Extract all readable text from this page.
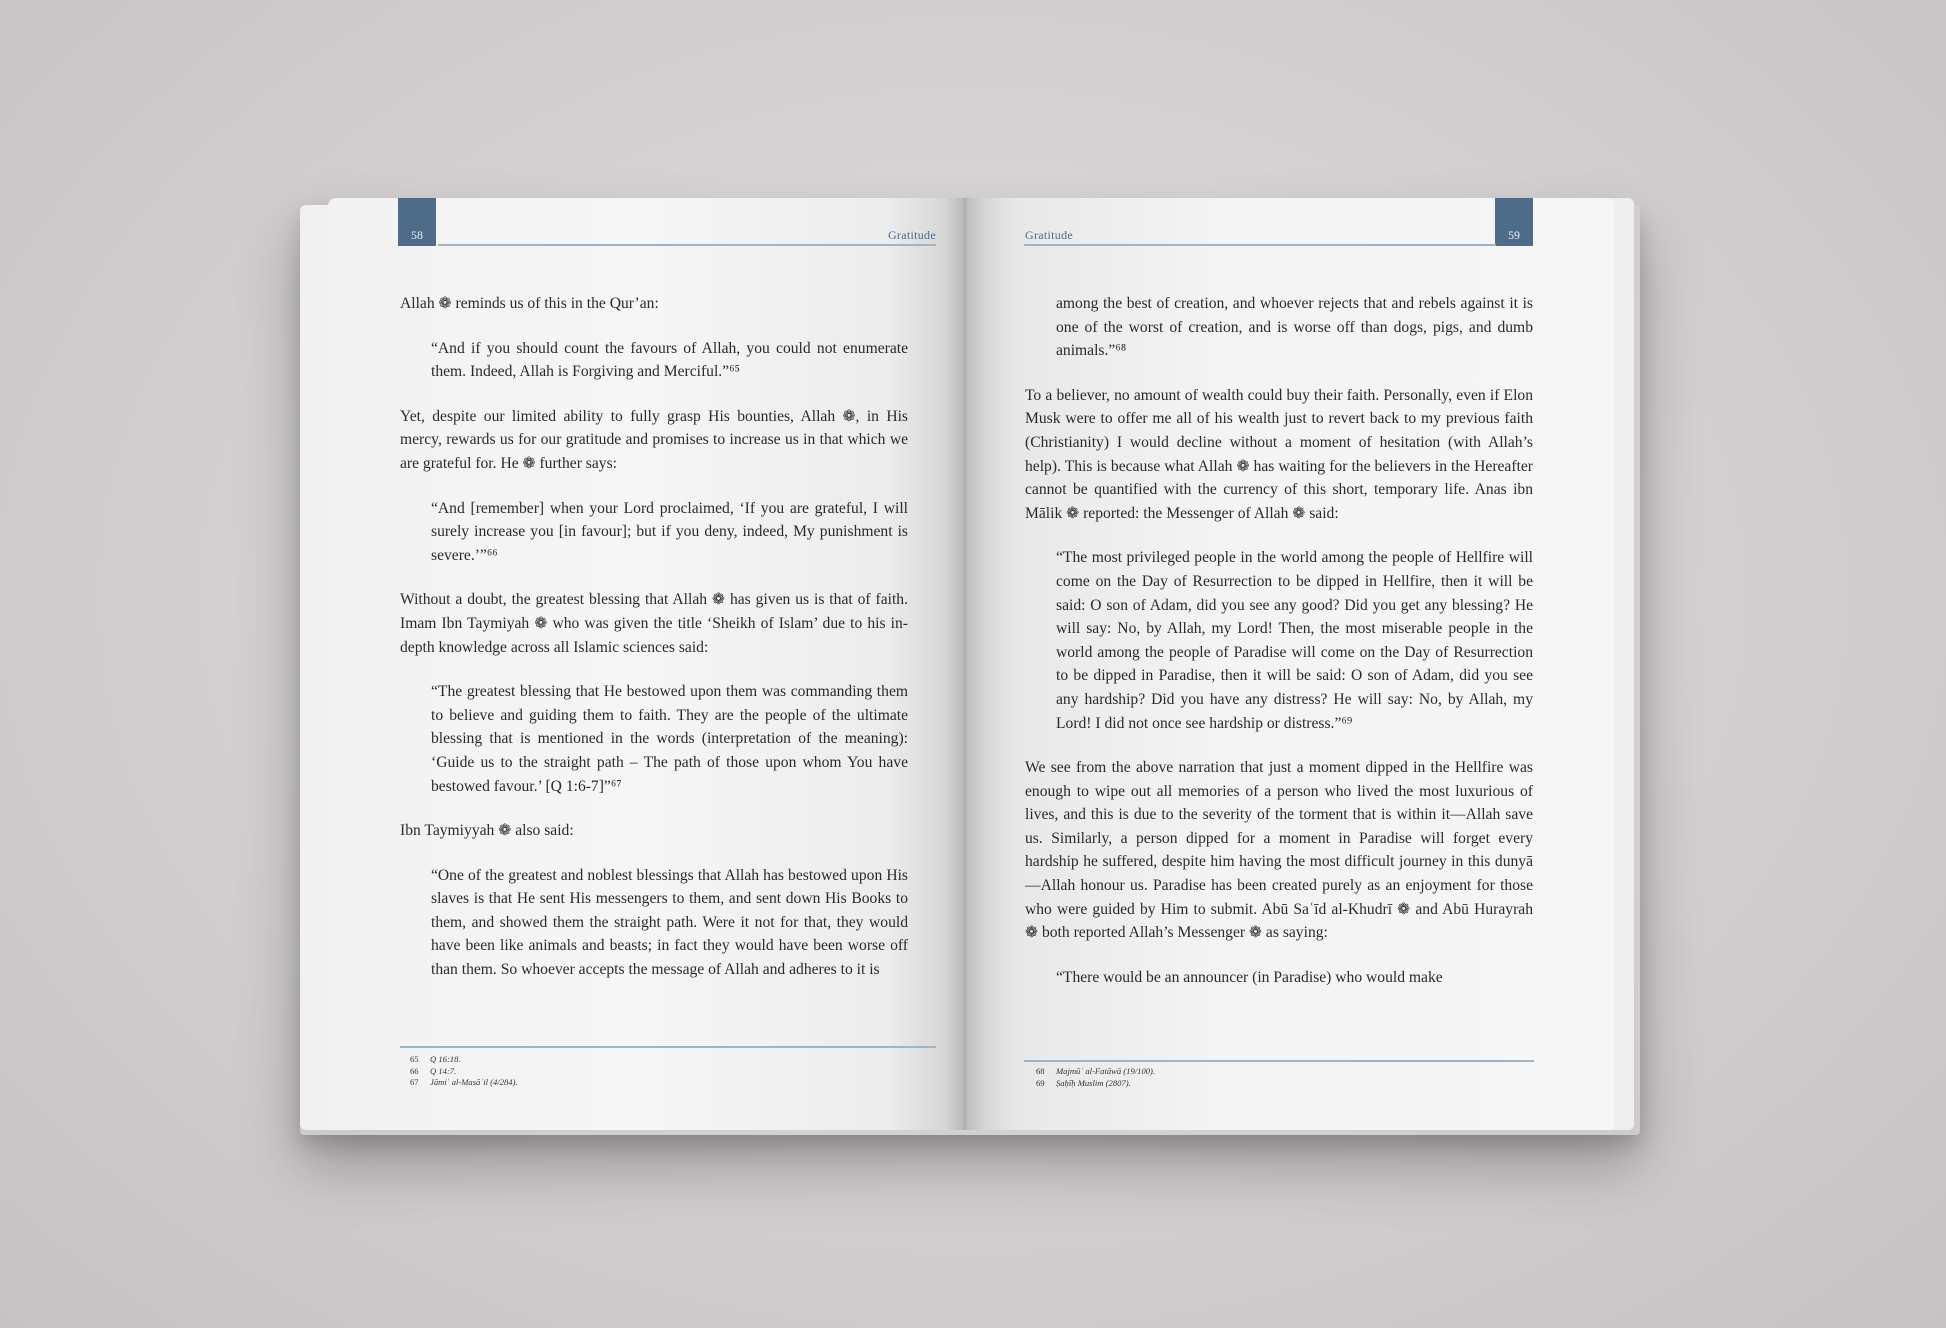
58	Gratitude

Allah ❁ reminds us of this in the Qur’an:

“And if you should count the favours of Allah, you could not enumerate them. Indeed, Allah is Forgiving and Merciful.”⁶⁵

Yet, despite our limited ability to fully grasp His bounties, Allah ❁, in His mercy, rewards us for our gratitude and promises to increase us in that which we are grateful for. He ❁ further says:

“And [remember] when your Lord proclaimed, ‘If you are grateful, I will surely increase you [in favour]; but if you deny, indeed, My punishment is severe.’”⁶⁶

Without a doubt, the greatest blessing that Allah ❁ has given us is that of faith. Imam Ibn Taymiyah ❁ who was given the title ‘Sheikh of Islam’ due to his in-depth knowledge across all Islamic sciences said:

“The greatest blessing that He bestowed upon them was commanding them to believe and guiding them to faith. They are the people of the ultimate blessing that is mentioned in the words (interpretation of the meaning): ‘Guide us to the straight path – The path of those upon whom You have bestowed favour.’ [Q 1:6-7]”⁶⁷

Ibn Taymiyyah ❁ also said:

“One of the greatest and noblest blessings that Allah has bestowed upon His slaves is that He sent His messengers to them, and sent down His Books to them, and showed them the straight path. Were it not for that, they would have been like animals and beasts; in fact they would have been worse off than them. So whoever accepts the message of Allah and adheres to it is

65	Q 16:18.
66	Q 14:7.
67	Jāmiʿ al-Masāʾil (4/284).
59
Gratitude

among the best of creation, and whoever rejects that and rebels against it is one of the worst of creation, and is worse off than dogs, pigs, and dumb animals.”⁶⁸

To a believer, no amount of wealth could buy their faith. Personally, even if Elon Musk were to offer me all of his wealth just to revert back to my previous faith (Christianity) I would decline without a moment of hesitation (with Allah’s help). This is because what Allah ❁ has waiting for the believers in the Hereafter cannot be quantified with the currency of this short, temporary life. Anas ibn Mālik ❁ reported: the Messenger of Allah ❁ said:

“The most privileged people in the world among the people of Hellfire will come on the Day of Resurrection to be dipped in Hellfire, then it will be said: O son of Adam, did you see any good? Did you get any blessing? He will say: No, by Allah, my Lord! Then, the most miserable people in the world among the people of Paradise will come on the Day of Resurrection to be dipped in Paradise, then it will be said: O son of Adam, did you see any hardship? Did you have any distress? He will say: No, by Allah, my Lord! I did not once see hardship or distress.”⁶⁹

We see from the above narration that just a moment dipped in the Hellfire was enough to wipe out all memories of a person who lived the most luxurious of lives, and this is due to the severity of the torment that is within it—Allah save us. Similarly, a person dipped for a moment in Paradise will forget every hardship he suffered, despite him having the most difficult journey in this dunyā—Allah honour us. Paradise has been created purely as an enjoyment for those who were guided by Him to submit. Abū Saʿīd al-Khudrī ❁ and Abū Hurayrah ❁ both reported Allah’s Messenger ❁ as saying:

“There would be an announcer (in Paradise) who would make

68	Majmūʿ al-Fatāwā (19/100).
69	Ṣaḥīḥ Muslim (2807).
